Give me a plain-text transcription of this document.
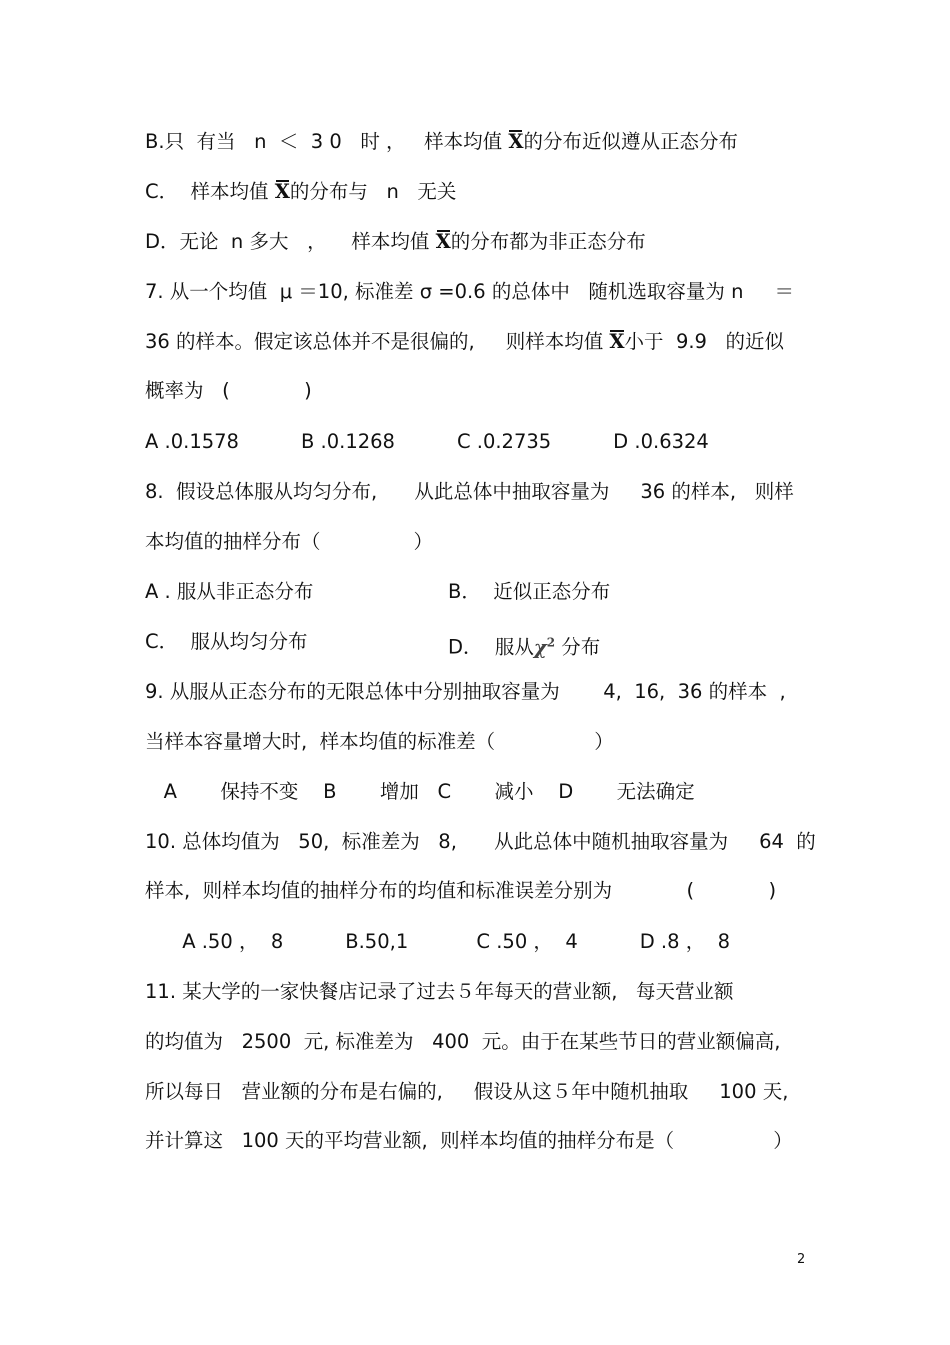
B.只  有当   n  ＜  3 0   时 ，   样本均值 X的分布近似遵从正态分布
C．  样本均值 X的分布与   n   无关
D．无论  n 多大   ，    样本均值 X的分布都为非正态分布
7. 从一个均值  μ ＝10, 标准差 σ =0.6 的总体中   随机选取容量为 n     ＝
36 的样本。假定该总体并不是很偏的,     则样本均值 X小于  9.9   的近似
概率为   (            )
A .0.1578          B .0.1268          C .0.2735          D .0.6324
8.  假设总体服从均匀分布,      从此总体中抽取容量为     36 的样本,   则样
本均值的抽样分布（               ）
A . 服从非正态分布	B．  近似正态分布
C．  服从均匀分布	D．  服从$\chi^2$ 分布
9. 从服从正态分布的无限总体中分别抽取容量为       4,  16,  36 的样本  ,
当样本容量增大时,  样本均值的标准差（                ）
A       保持不变    B       增加   C       减小    D       无法确定
10. 总体均值为   50,  标准差为   8,      从此总体中随机抽取容量为     64  的
样本,  则样本均值的抽样分布的均值和标准误差分别为            (            )
A .50 ，  8          B.50,1           C .50 ，  4          D .8 ，  8
11. 某大学的一家快餐店记录了过去５年每天的营业额,   每天营业额
的均值为   2500  元, 标准差为   400  元。由于在某些节日的营业额偏高,
所以每日   营业额的分布是右偏的,     假设从这５年中随机抽取     100 天,
并计算这   100 天的平均营业额,  则样本均值的抽样分布是（                ）
2
